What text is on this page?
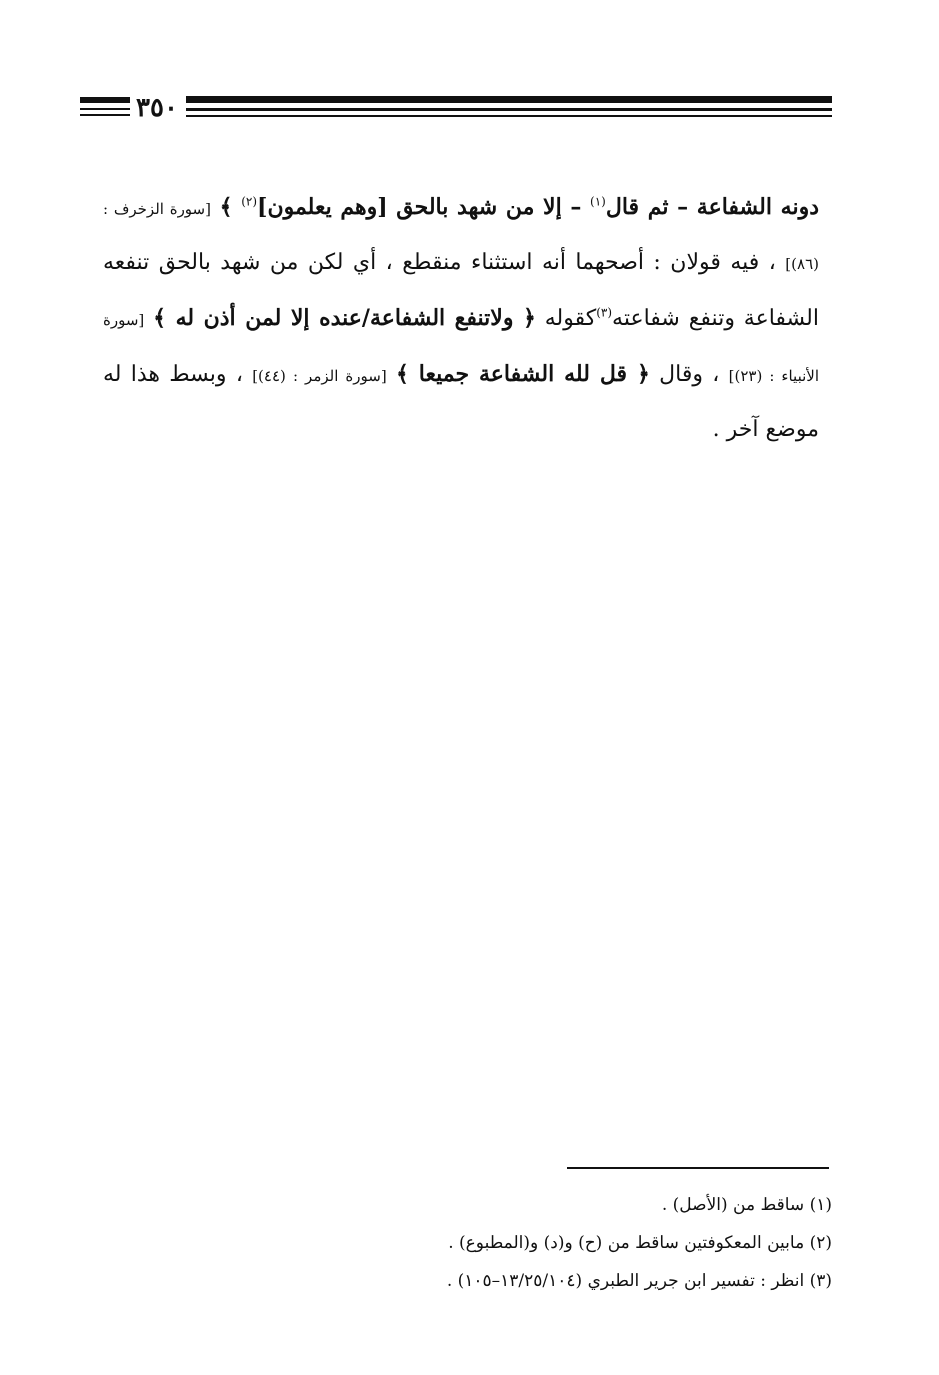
٣٥٠

دونه الشفاعة – ثم قال$^{(١)}$ – إلا من شهد بالحق [وهم يعلمون]$^{(٢)}$ ﴾ [سورة الزخرف : (٨٦)] ، فيه قولان : أصحهما أنه استثناء منقطع ، أي لكن من شهد بالحق تنفعه الشفاعة وتنفع شفاعته$^{(٣)}$كقوله ﴿ ولاتنفع الشفاعة/عنده إلا لمن أذن له ﴾ [سورة الأنبياء : (٢٣)] ، وقال ﴿ قل لله الشفاعة جميعا ﴾ [سورة الزمر : (٤٤)] ، وبسط هذا له موضع آخر .

(١) ساقط من (الأصل) .
(٢) مابين المعكوفتين ساقط من (ح) و(د) و(المطبوع) .
(٣) انظر : تفسير ابن جرير الطبري (١٣/٢٥/١٠٤–١٠٥) .
